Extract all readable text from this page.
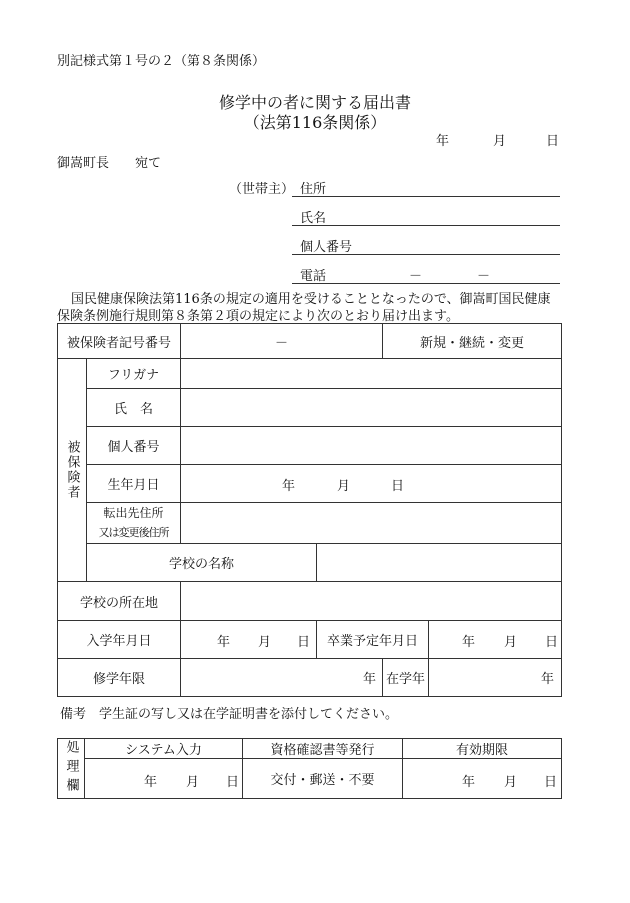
別記様式第１号の２（第８条関係）
修学中の者に関する届出書
（法第116条関係）
年	月	日
御嵩町長　　宛て
（世帯主） 住所
氏名
個人番号
電話	－	－
国民健康保険法第116条の規定の適用を受けることとなったので、御嵩町国民健康
保険条例施行規則第８条第２項の規定により次のとおり届け出ます。
被保険者記号番号		－		新規・継続・変更	

被保険者	フリガナ				
	氏　名				
	個人番号				
	生年月日	年 月 日			

	転出先住所
又は変更後住所				

	学校の名称				
学校の所在地					
入学年月日		年 月 日	卒業予定年月日		年 月 日

修学年限		年		在学年	年
備考　学生証の写し又は在学証明書を添付してください。
処理欄	システム入力	資格確認書等発行	有効期限

	年 月 日	交付・郵送・不要	年 月 日
